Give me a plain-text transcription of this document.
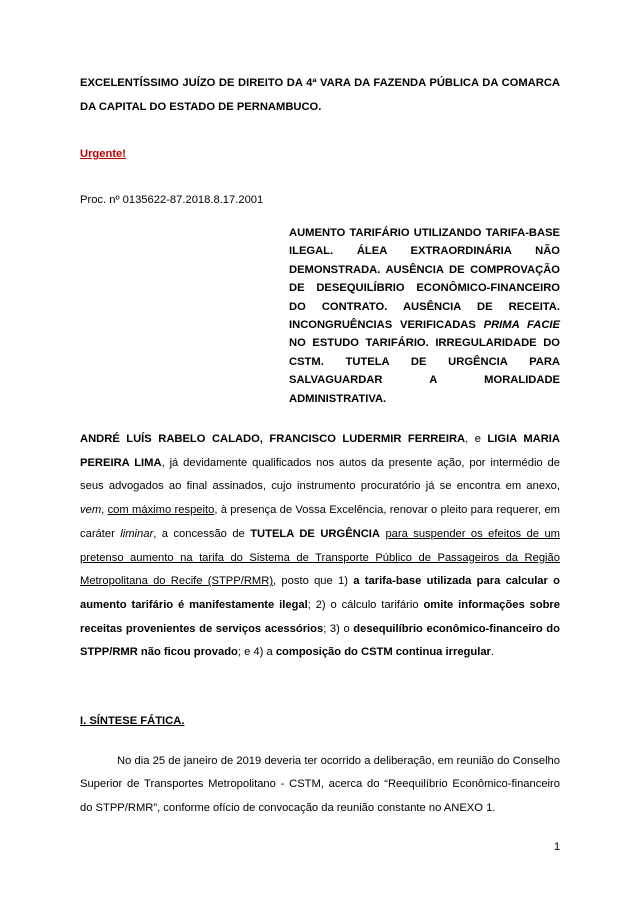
EXCELENTÍSSIMO JUÍZO DE DIREITO DA 4ª VARA DA FAZENDA PÚBLICA DA COMARCA DA CAPITAL DO ESTADO DE PERNAMBUCO.

Urgente!

Proc. nº 0135622-87.2018.8.17.2001

AUMENTO TARIFÁRIO UTILIZANDO TARIFA-BASE ILEGAL. ÁLEA EXTRAORDINÁRIA NÃO DEMONSTRADA. AUSÊNCIA DE COMPROVAÇÃO DE DESEQUILÍBRIO ECONÔMICO-FINANCEIRO DO CONTRATO. AUSÊNCIA DE RECEITA. INCONGRUÊNCIAS VERIFICADAS PRIMA FACIE NO ESTUDO TARIFÁRIO. IRREGULARIDADE DO CSTM. TUTELA DE URGÊNCIA PARA SALVAGUARDAR A MORALIDADE ADMINISTRATIVA.

ANDRÉ LUÍS RABELO CALADO, FRANCISCO LUDERMIR FERREIRA, e LIGIA MARIA PEREIRA LIMA, já devidamente qualificados nos autos da presente ação, por intermédio de seus advogados ao final assinados, cujo instrumento procuratório já se encontra em anexo, vem, com máximo respeito, à presença de Vossa Excelência, renovar o pleito para requerer, em caráter liminar, a concessão de TUTELA DE URGÊNCIA para suspender os efeitos de um pretenso aumento na tarifa do Sistema de Transporte Público de Passageiros da Região Metropolitana do Recife (STPP/RMR), posto que 1) a tarifa-base utilizada para calcular o aumento tarifário é manifestamente ilegal; 2) o cálculo tarifário omite informações sobre receitas provenientes de serviços acessórios; 3) o desequilíbrio econômico-financeiro do STPP/RMR não ficou provado; e 4) a composição do CSTM continua irregular.

I. SÍNTESE FÁTICA.

No dia 25 de janeiro de 2019 deveria ter ocorrido a deliberação, em reunião do Conselho Superior de Transportes Metropolitano - CSTM, acerca do “Reequilíbrio Econômico-financeiro do STPP/RMR”, conforme ofício de convocação da reunião constante no ANEXO 1.

1
